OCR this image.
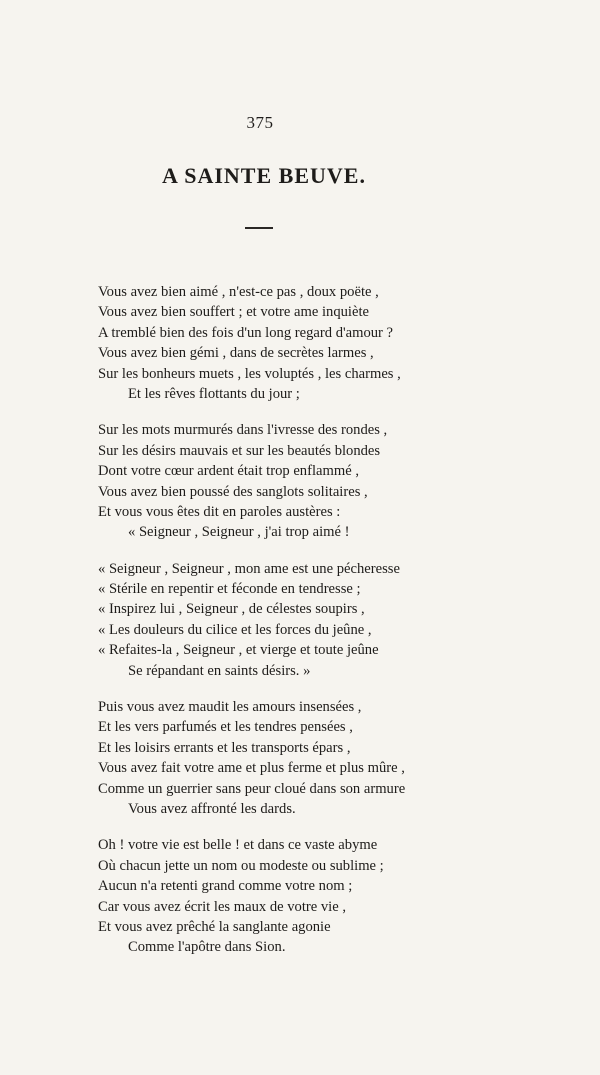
375
A SAINTE BEUVE.
Vous avez bien aimé , n'est-ce pas , doux poëte ,
Vous avez bien souffert ; et votre ame inquiète
A tremblé bien des fois d'un long regard d'amour ?
Vous avez bien gémi , dans de secrètes larmes ,
Sur les bonheurs muets , les voluptés , les charmes ,
Et les rêves flottants du jour ;
Sur les mots murmurés dans l'ivresse des rondes ,
Sur les désirs mauvais et sur les beautés blondes
Dont votre cœur ardent était trop enflammé ,
Vous avez bien poussé des sanglots solitaires ,
Et vous vous êtes dit en paroles austères :
« Seigneur , Seigneur , j'ai trop aimé !
« Seigneur , Seigneur , mon ame est une pécheresse
« Stérile en repentir et féconde en tendresse ;
« Inspirez lui , Seigneur , de célestes soupirs ,
« Les douleurs du cilice et les forces du jeûne ,
« Refaites-la , Seigneur , et vierge et toute jeûne
Se répandant en saints désirs. »
Puis vous avez maudit les amours insensées ,
Et les vers parfumés et les tendres pensées ,
Et les loisirs errants et les transports épars ,
Vous avez fait votre ame et plus ferme et plus mûre ,
Comme un guerrier sans peur cloué dans son armure
Vous avez affronté les dards.
Oh ! votre vie est belle ! et dans ce vaste abyme
Où chacun jette un nom ou modeste ou sublime ;
Aucun n'a retenti grand comme votre nom ;
Car vous avez écrit les maux de votre vie ,
Et vous avez prêché la sanglante agonie
Comme l'apôtre dans Sion.
